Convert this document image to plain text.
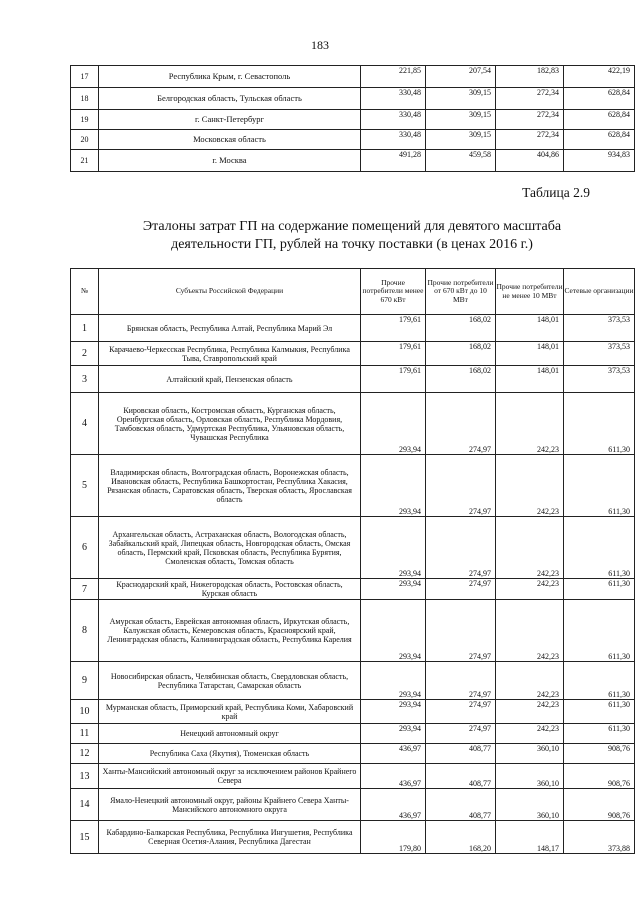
183
17	Республика Крым, г. Севастополь	221,85	207,54	182,83	422,19
18	Белгородская область, Тульская область	330,48	309,15	272,34	628,84
19	г. Санкт-Петербург	330,48	309,15	272,34	628,84
20	Московская область	330,48	309,15	272,34	628,84
21	г. Москва	491,28	459,58	404,86	934,83
Таблица 2.9
Эталоны затрат ГП на содержание помещений для девятого масштаба
деятельности ГП, рублей на точку поставки (в ценах 2016 г.)
№	Субъекты Российской Федерации	Прочие потребители менее 670 кВт	Прочие потребители от 670 кВт до 10 МВт	Прочие потребители не менее 10 МВт	Сетевые организации
1	Брянская область, Республика Алтай, Республика Марий Эл	179,61	168,02	148,01	373,53
2	Карачаево-Черкесская Республика, Республика Калмыкия, Республика Тыва, Ставропольский край	179,61	168,02	148,01	373,53
3	Алтайский край, Пензенская область	179,61	168,02	148,01	373,53
4	Кировская область, Костромская область, Курганская область, Оренбургская область, Орловская область, Республика Мордовия, Тамбовская область, Удмуртская Республика, Ульяновская область, Чувашская Республика	293,94	274,97	242,23	611,30
5	Владимирская область, Волгоградская область, Воронежская область, Ивановская область, Республика Башкортостан, Республика Хакасия, Рязанская область, Саратовская область, Тверская область, Ярославская область	293,94	274,97	242,23	611,30
6	Архангельская область, Астраханская область, Вологодская область, Забайкальский край, Липецкая область, Новгородская область, Омская область, Пермский край, Псковская область, Республика Бурятия, Смоленская область, Томская область	293,94	274,97	242,23	611,30
7	Краснодарский край, Нижегородская область, Ростовская область, Курская область	293,94	274,97	242,23	611,30
8	Амурская область, Еврейская автономная область, Иркутская область, Калужская область, Кемеровская область, Красноярский край, Ленинградская область, Калининградская область, Республика Карелия	293,94	274,97	242,23	611,30
9	Новосибирская область, Челябинская область, Свердловская область, Республика Татарстан, Самарская область	293,94	274,97	242,23	611,30
10	Мурманская область, Приморский край, Республика Коми, Хабаровский край	293,94	274,97	242,23	611,30
11	Ненецкий автономный округ	293,94	274,97	242,23	611,30
12	Республика Саха (Якутия), Тюменская область	436,97	408,77	360,10	908,76
13	Ханты-Мансийский автономный округ за исключением районов Крайнего Севера	436,97	408,77	360,10	908,76
14	Ямало-Ненецкий автономный округ, районы Крайнего Севера Ханты-Мансийского автономного округа	436,97	408,77	360,10	908,76
15	Кабардино-Балкарская Республика, Республика Ингушетия, Республика Северная Осетия-Алания, Республика Дагестан	179,80	168,20	148,17	373,88
